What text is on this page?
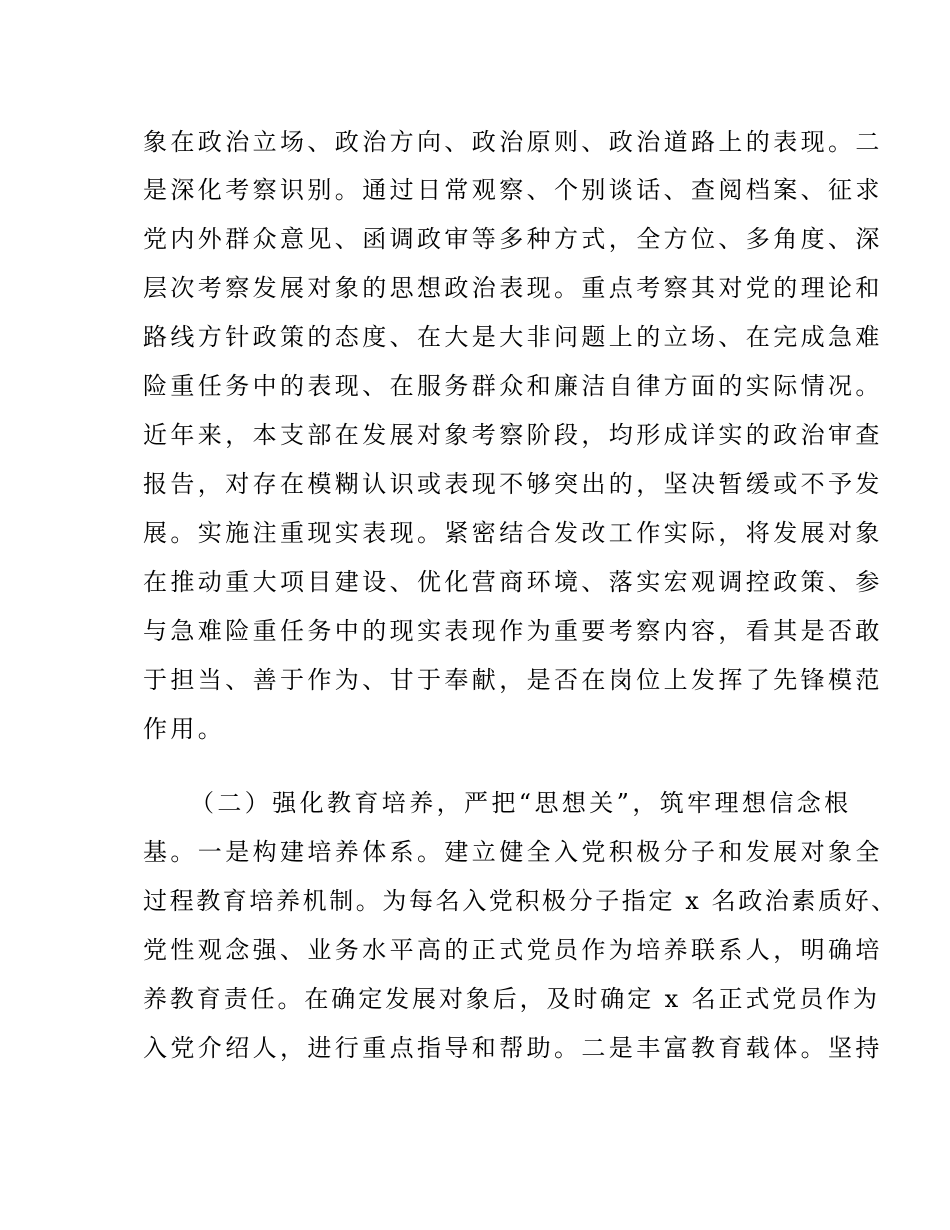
象在政治立场、政治方向、政治原则、政治道路上的表现。二
是深化考察识别。通过日常观察、个别谈话、查阅档案、征求
党内外群众意见、函调政审等多种方式，全方位、多角度、深
层次考察发展对象的思想政治表现。重点考察其对党的理论和
路线方针政策的态度、在大是大非问题上的立场、在完成急难
险重任务中的表现、在服务群众和廉洁自律方面的实际情况。
近年来，本支部在发展对象考察阶段，均形成详实的政治审查
报告，对存在模糊认识或表现不够突出的，坚决暂缓或不予发
展。实施注重现实表现。紧密结合发改工作实际，将发展对象
在推动重大项目建设、优化营商环境、落实宏观调控政策、参
与急难险重任务中的现实表现作为重要考察内容，看其是否敢
于担当、善于作为、甘于奉献，是否在岗位上发挥了先锋模范
作用。
（二）强化教育培养，严把“思想关”，筑牢理想信念根
基。一是构建培养体系。建立健全入党积极分子和发展对象全
过程教育培养机制。为每名入党积极分子指定 x 名政治素质好、
党性观念强、业务水平高的正式党员作为培养联系人，明确培
养教育责任。在确定发展对象后，及时确定 x 名正式党员作为
入党介绍人，进行重点指导和帮助。二是丰富教育载体。坚持
